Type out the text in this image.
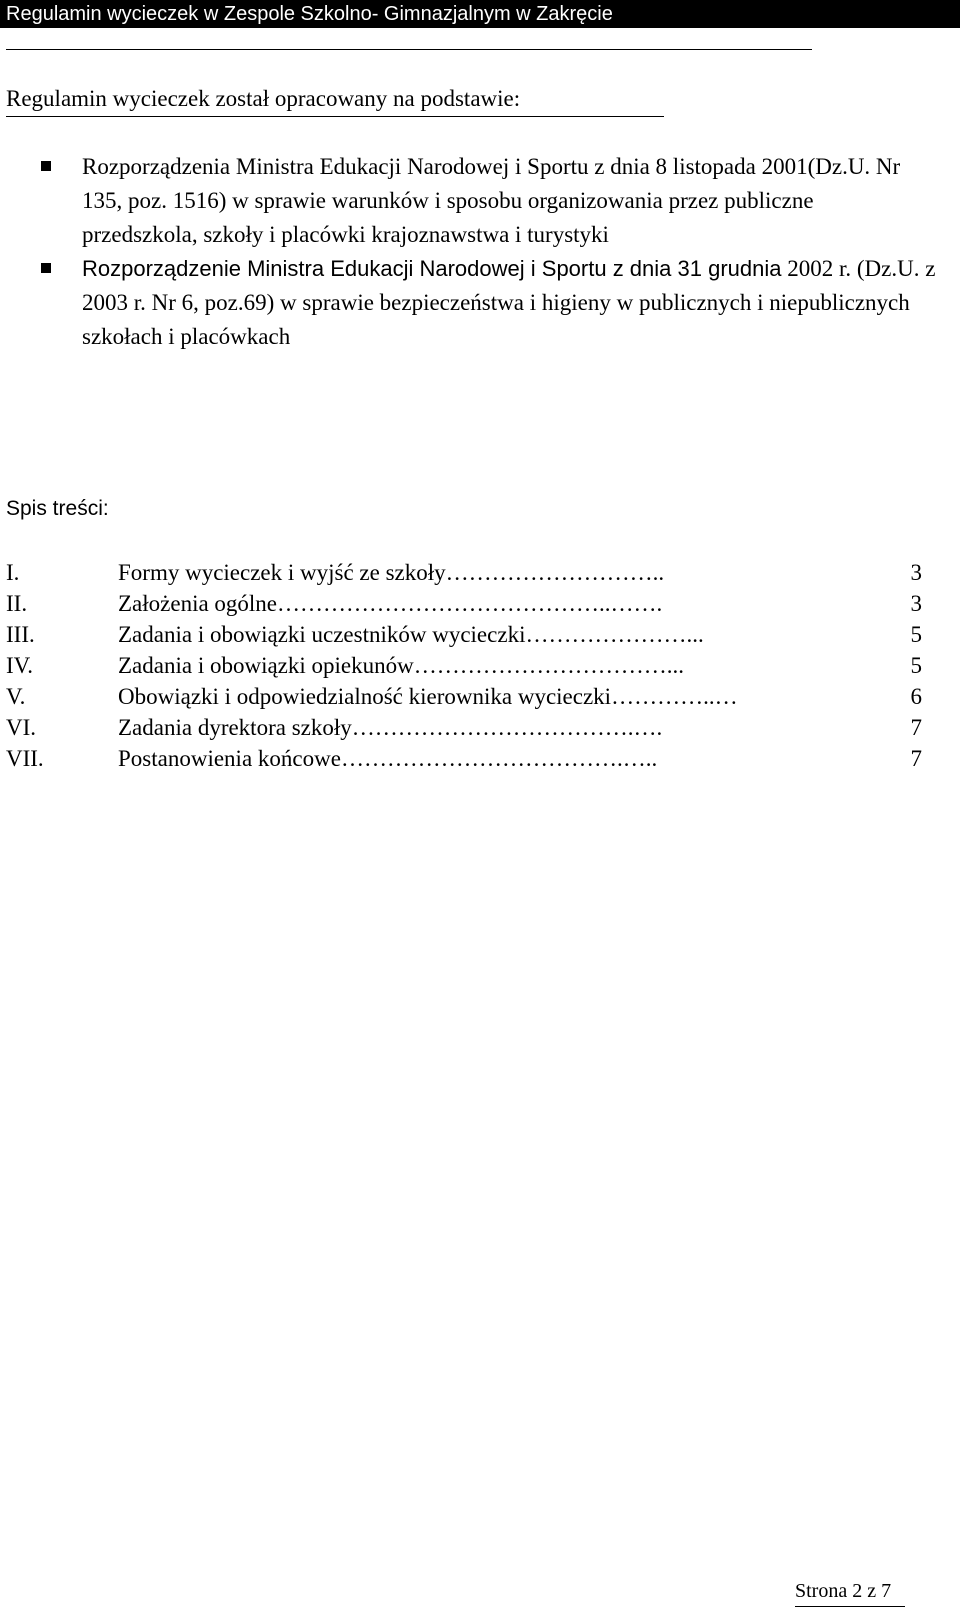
Regulamin wycieczek w Zespole Szkolno- Gimnazjalnym w Zakręcie
Regulamin wycieczek został opracowany na podstawie:
Rozporządzenia Ministra Edukacji Narodowej i Sportu z dnia 8 listopada 2001(Dz.U. Nr 135, poz. 1516) w sprawie warunków i sposobu organizowania przez publiczne przedszkola, szkoły i placówki krajoznawstwa i turystyki
Rozporządzenie Ministra Edukacji Narodowej i Sportu z dnia 31 grudnia 2002 r. (Dz.U. z 2003 r. Nr 6, poz.69) w sprawie bezpieczeństwa i higieny w publicznych i niepublicznych szkołach i placówkach
Spis treści:
I.	Formy wycieczek i wyjść ze szkoły ………………………..	3
II.	Założenia ogólne ……………………………………..…….	3
III.	Zadania i obowiązki uczestników wycieczki …………………...	5
IV.	Zadania i obowiązki opiekunów ……………………………...	5
V.	Obowiązki i odpowiedzialność kierownika wycieczki …………..…	6
VI.	Zadania dyrektora szkoły ……………………………….….	7
VII.	Postanowienia końcowe ……………………………….…..	7
Strona 2 z 7
